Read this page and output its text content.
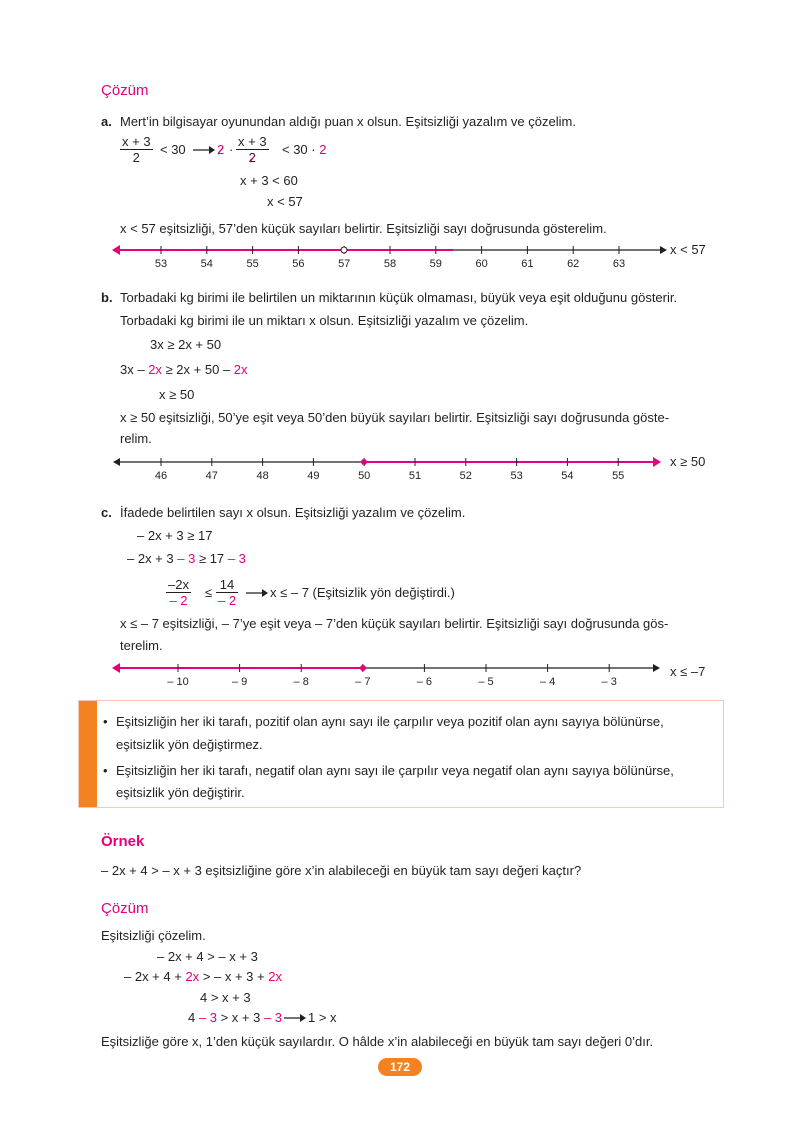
Çözüm
a. Mert’in bilgisayar oyunundan aldığı puan x olsun. Eşitsizliği yazalım ve çözelim.
$\frac{x + 3}{2} < 30$ $2 \cdot \frac{x + 3}{2} < 30 \cdot 2$
x + 3 < 60
x < 57
x < 57 eşitsizliği, 57’den küçük sayıları belirtir. Eşitsizliği sayı doğrusunda gösterelim.
53	54	55	56	57	58	59	60	61	62	63
x < 57
b. Torbadaki kg birimi ile belirtilen un miktarının küçük olmaması, büyük veya eşit olduğunu gösterir.
Torbadaki kg birimi ile un miktarı x olsun. Eşitsizliği yazalım ve çözelim.
3x ≥ 2x + 50
3x – 2x ≥ 2x + 50 – 2x
x ≥ 50
x ≥ 50 eşitsizliği, 50’ye eşit veya 50’den büyük sayıları belirtir. Eşitsizliği sayı doğrusunda göste-
relim.
46	47	48	49	50	51	52	53	54	55
x ≥ 50
c. İfadede belirtilen sayı x olsun. Eşitsizliği yazalım ve çözelim.
– 2x + 3 ≥ 17
– 2x + 3 – 3 ≥ 17 – 3
$\frac{-2x}{- 2} \le \frac{14}{- 2}$ x ≤ – 7 (Eşitsizlik yön değiştirdi.)
x ≤ – 7 eşitsizliği, – 7’ye eşit veya – 7’den küçük sayıları belirtir. Eşitsizliği sayı doğrusunda gös-
terelim.
– 10	– 9	– 8	– 7	– 6	– 5	– 4	– 3
x ≤ –7
• Eşitsizliğin her iki tarafı, pozitif olan aynı sayı ile çarpılır veya pozitif olan aynı sayıya bölünürse,
eşitsizlik yön değiştirmez.
• Eşitsizliğin her iki tarafı, negatif olan aynı sayı ile çarpılır veya negatif olan aynı sayıya bölünürse,
eşitsizlik yön değiştirir.
Örnek
– 2x + 4 > – x + 3 eşitsizliğine göre x’in alabileceği en büyük tam sayı değeri kaçtır?
Çözüm
Eşitsizliği çözelim.
– 2x + 4 > – x + 3
– 2x + 4 + 2x > – x + 3 + 2x
4 > x + 3
4 – 3 > x + 3 – 3 1 > x
Eşitsizliğe göre x, 1’den küçük sayılardır. O hâlde x’in alabileceği en büyük tam sayı değeri 0’dır.
172
